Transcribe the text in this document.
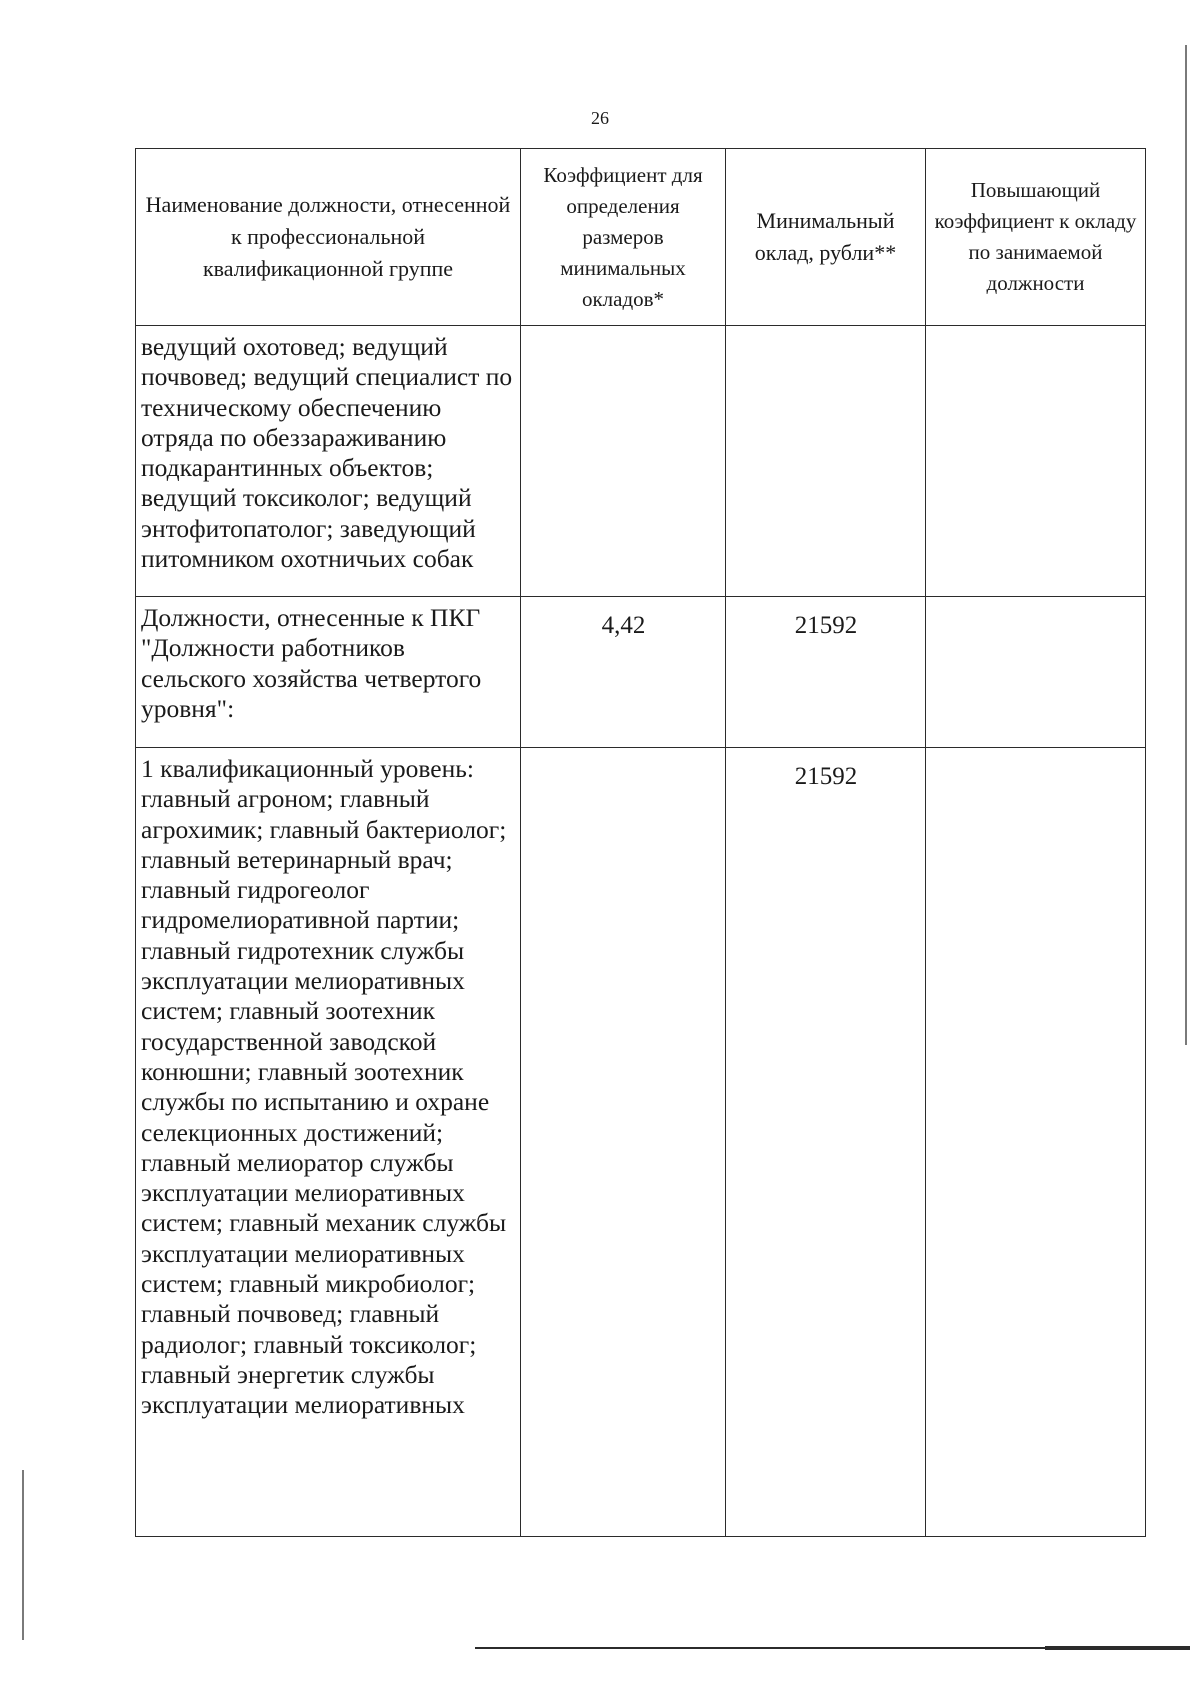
26
Наименование должности, отнесенной к профессиональной квалификационной группе	Коэффициент для определения размеров минимальных окладов*	Минимальный оклад, рубли**	Повышающий коэффициент к окладу по занимаемой должности
ведущий охотовед; ведущий почвовед; ведущий специалист по техническому обеспечению отряда по обеззараживанию подкарантинных объектов; ведущий токсиколог; ведущий энтофитопатолог; заведующий питомником охотничьих собак			
Должности, отнесенные к ПКГ "Должности работников сельского хозяйства четвертого уровня":	4,42	21592	
1 квалификационный уровень: главный агроном; главный агрохимик; главный бактериолог; главный ветеринарный врач; главный гидрогеолог гидромелиоративной партии; главный гидротехник службы эксплуатации мелиоративных систем; главный зоотехник государственной заводской конюшни; главный зоотехник службы по испытанию и охране селекционных достижений; главный мелиоратор службы эксплуатации мелиоративных систем; главный механик службы эксплуатации мелиоративных систем; главный микробиолог; главный почвовед; главный радиолог; главный токсиколог; главный энергетик службы эксплуатации мелиоративных		21592	
